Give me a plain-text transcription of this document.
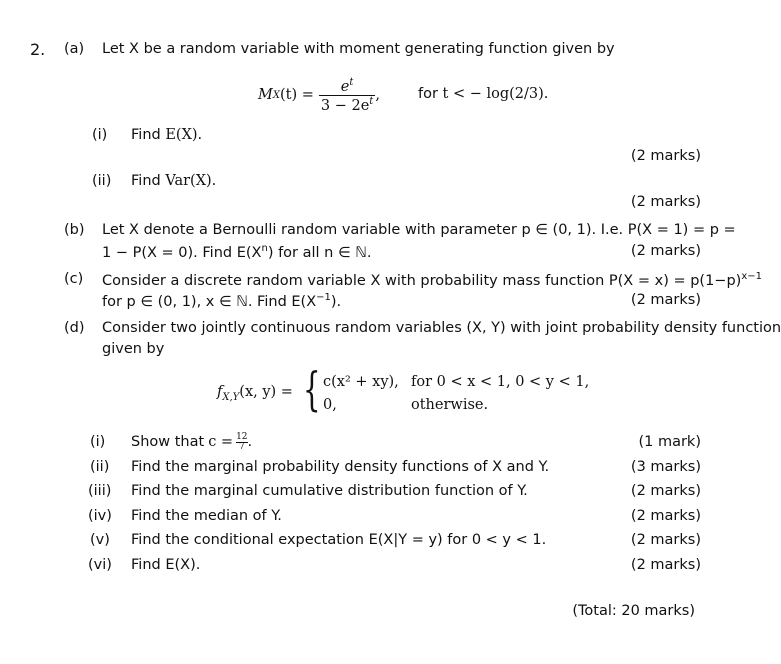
2. (a) Let X be a random variable with moment generating function given by
M X $(t) = \frac{e^t}{3 - 2e^t}$ ,	for t < − log(2/3).
(i) Find E(X).
(2 marks)
(ii) Find Var(X).
(2 marks)
(b) Let X denote a Bernoulli random variable with parameter p ∈ (0, 1). I.e. P(X = 1) = p =
1 − P(X = 0). Find $E(X^n)$ for all n ∈ ℕ.	(2 marks)
(c) Consider a discrete random variable X with probability mass function $P(X = x) = p(1-p)^{x-1}$
for p ∈ (0, 1), x ∈ ℕ. Find $E(X^{-1})$.	(2 marks)
(d) Consider two jointly continuous random variables (X, Y) with joint probability density function
given by
$f_{X,Y}(x$, y) = { c(x² + xy), for 0 < x < 1, 0 < y < 1,
0,	otherwise.
(i) Show that $c = \frac{12}{7}$ .	(1 mark)
(ii) Find the marginal probability density functions of X and Y.	(3 marks)
(iii) Find the marginal cumulative distribution function of Y.	(2 marks)
(iv) Find the median of Y.	(2 marks)
(v) Find the conditional expectation E(X|Y = y) for 0 < y < 1.	(2 marks)
(vi) Find E(X).	(2 marks)
(Total: 20 marks)
